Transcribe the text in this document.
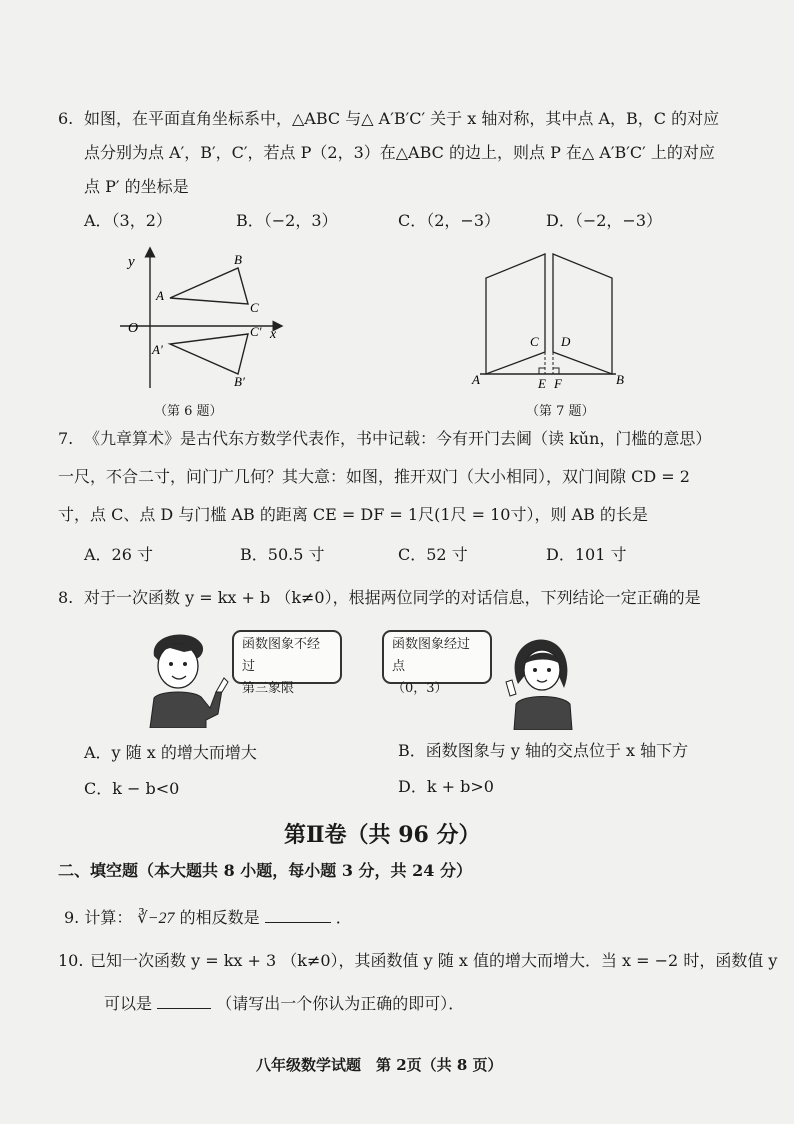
6. 如图，在平面直角坐标系中，△ABC 与△ A′B′C′ 关于 x 轴对称，其中点 A，B，C 的对应
点分别为点 A′，B′，C′，若点 P（2，3）在△ABC 的边上，则点 P 在△ A′B′C′ 上的对应
点 P′ 的坐标是
A．（3，2）	B．（−2，3）	C．（2，−3）	D．（−2，−3）
y
x
O
A
B
C
A′
B′
C′
（第 6 题）
A	B
C D
E F
（第 7 题）
7. 《九章算术》是古代东方数学代表作，书中记载：今有开门去阃（读 kǔn，门槛的意思）
一尺，不合二寸，问门广几何？其大意：如图，推开双门（大小相同），双门间隙 CD = 2
寸，点 C、点 D 与门槛 AB 的距离 CE = DF = 1尺(1尺 = 10寸），则 AB 的长是
A．26 寸	B．50.5 寸	C．52 寸	D．101 寸
8. 对于一次函数 y = kx + b （k≠0），根据两位同学的对话信息，下列结论一定正确的是
函数图象不经过
第三象限
函数图象经过点
（0，3）
A．y 随 x 的增大而增大	B．函数图象与 y 轴的交点位于 x 轴下方
C．k − b<0	D．k + b>0
第Ⅱ卷（共 96 分）
二、填空题（本大题共 8 小题，每小题 3 分，共 24 分）
9. 计算： ∛−27 的相反数是	．
10. 已知一次函数 y = kx + 3 （k≠0），其函数值 y 随 x 值的增大而增大．当 x = −2 时，函数值 y
可以是	（请写出一个你认为正确的即可）．
八年级数学试题　第 2页（共 8 页）
